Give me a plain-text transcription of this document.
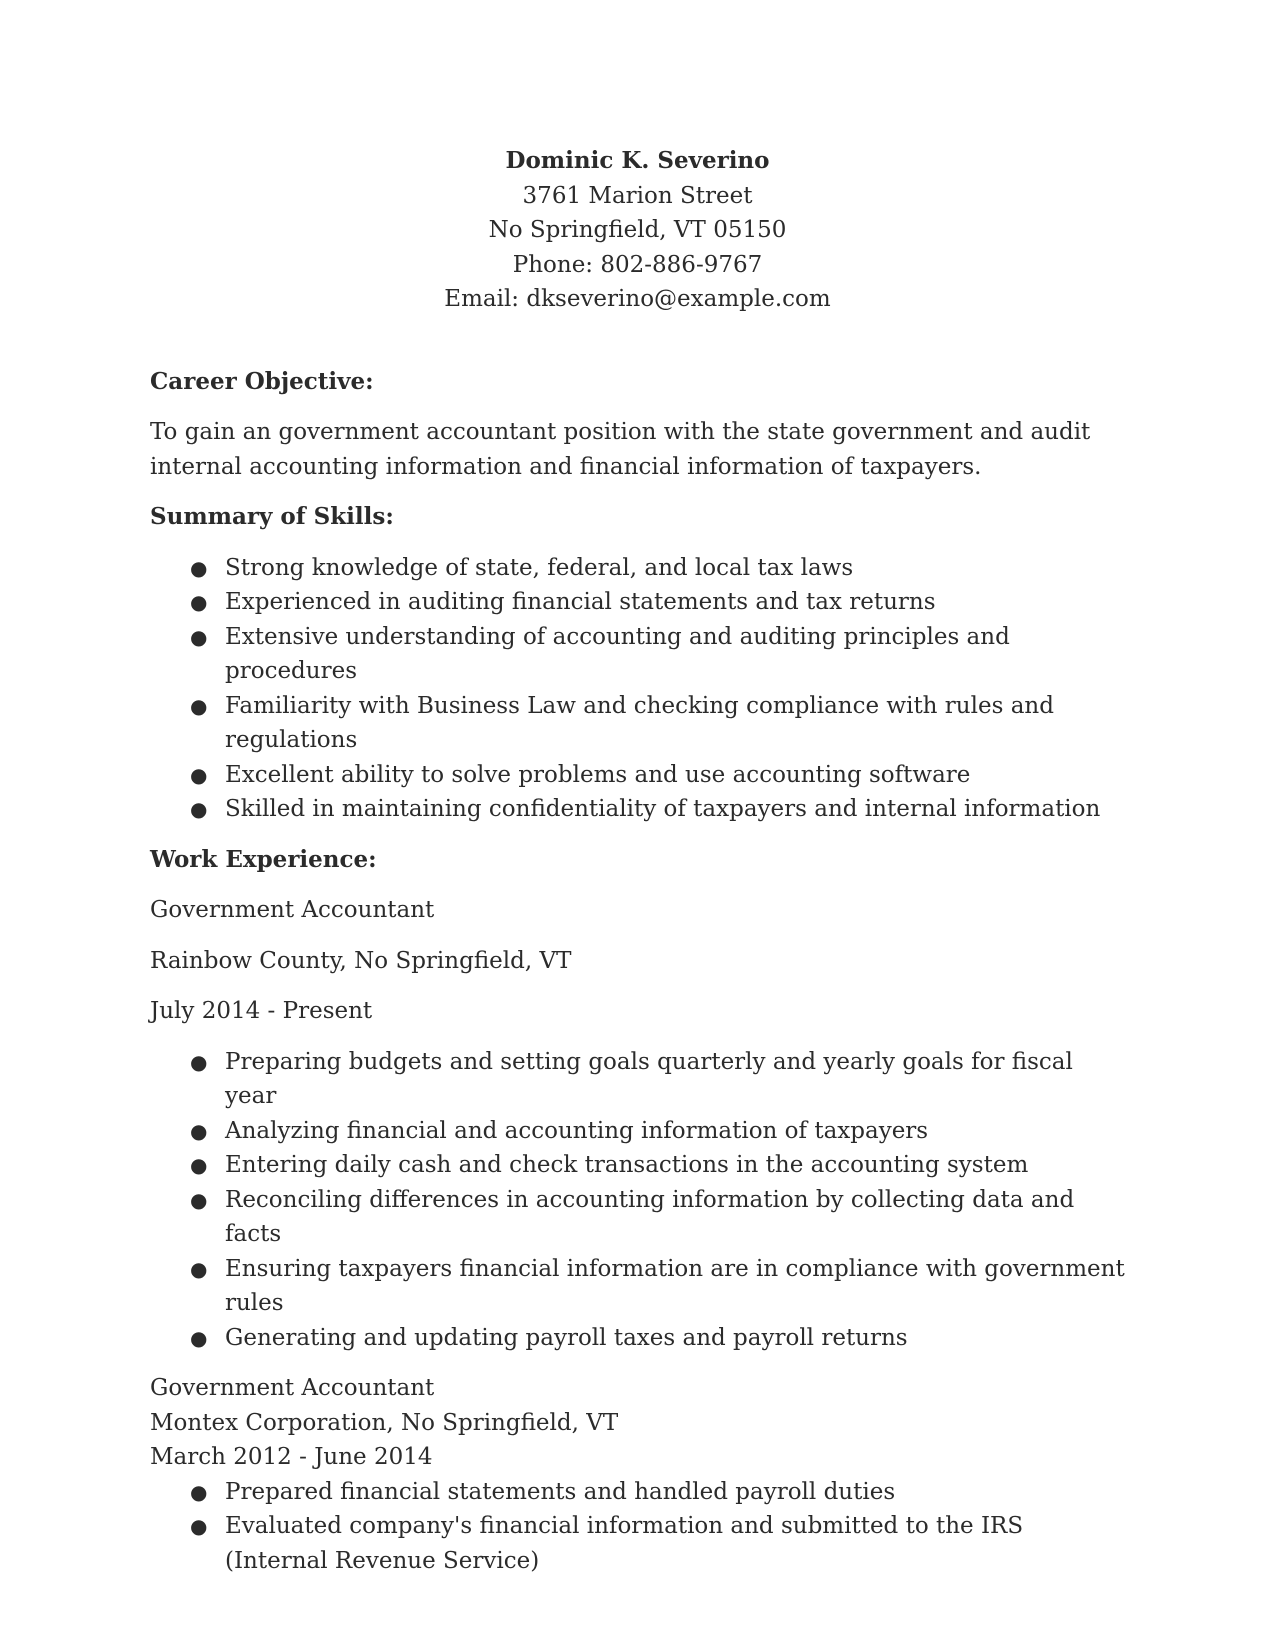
Dominic K. Severino
3761 Marion Street
No Springfield, VT 05150
Phone: 802-886-9767
Email: dkseverino@example.com
Career Objective:
To gain an government accountant position with the state government and audit internal accounting information and financial information of taxpayers.
Summary of Skills:
● Strong knowledge of state, federal, and local tax laws
● Experienced in auditing financial statements and tax returns
● Extensive understanding of accounting and auditing principles and procedures
● Familiarity with Business Law and checking compliance with rules and regulations
● Excellent ability to solve problems and use accounting software
● Skilled in maintaining confidentiality of taxpayers and internal information
Work Experience:
Government Accountant
Rainbow County, No Springfield, VT
July 2014 - Present
● Preparing budgets and setting goals quarterly and yearly goals for fiscal year
● Analyzing financial and accounting information of taxpayers
● Entering daily cash and check transactions in the accounting system
● Reconciling differences in accounting information by collecting data and facts
● Ensuring taxpayers financial information are in compliance with government rules
● Generating and updating payroll taxes and payroll returns
Government Accountant
Montex Corporation, No Springfield, VT
March 2012 - June 2014
● Prepared financial statements and handled payroll duties
● Evaluated company's financial information and submitted to the IRS (Internal Revenue Service)
